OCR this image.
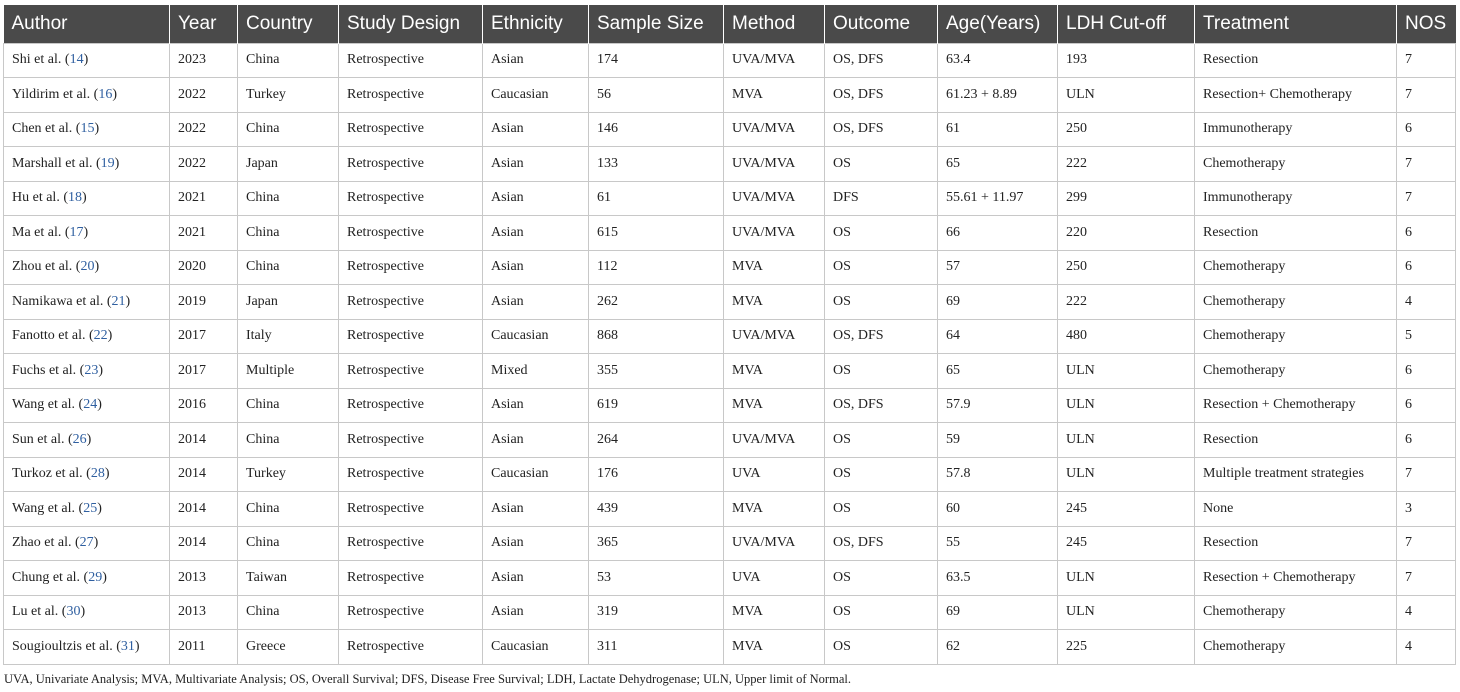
Author	Year	Country	Study Design	Ethnicity	Sample Size	Method	Outcome	Age(Years)	LDH Cut-off	Treatment	NOS
Shi et al. (14)	2023	China	Retrospective	Asian	174	UVA/MVA	OS, DFS	63.4	193	Resection	7
Yildirim et al. (16)	2022	Turkey	Retrospective	Caucasian	56	MVA	OS, DFS	61.23 + 8.89	ULN	Resection+ Chemotherapy	7
Chen et al. (15)	2022	China	Retrospective	Asian	146	UVA/MVA	OS, DFS	61	250	Immunotherapy	6
Marshall et al. (19)	2022	Japan	Retrospective	Asian	133	UVA/MVA	OS	65	222	Chemotherapy	7
Hu et al. (18)	2021	China	Retrospective	Asian	61	UVA/MVA	DFS	55.61 + 11.97	299	Immunotherapy	7
Ma et al. (17)	2021	China	Retrospective	Asian	615	UVA/MVA	OS	66	220	Resection	6
Zhou et al. (20)	2020	China	Retrospective	Asian	112	MVA	OS	57	250	Chemotherapy	6
Namikawa et al. (21)	2019	Japan	Retrospective	Asian	262	MVA	OS	69	222	Chemotherapy	4
Fanotto et al. (22)	2017	Italy	Retrospective	Caucasian	868	UVA/MVA	OS, DFS	64	480	Chemotherapy	5
Fuchs et al. (23)	2017	Multiple	Retrospective	Mixed	355	MVA	OS	65	ULN	Chemotherapy	6
Wang et al. (24)	2016	China	Retrospective	Asian	619	MVA	OS, DFS	57.9	ULN	Resection + Chemotherapy	6
Sun et al. (26)	2014	China	Retrospective	Asian	264	UVA/MVA	OS	59	ULN	Resection	6
Turkoz et al. (28)	2014	Turkey	Retrospective	Caucasian	176	UVA	OS	57.8	ULN	Multiple treatment strategies	7
Wang et al. (25)	2014	China	Retrospective	Asian	439	MVA	OS	60	245	None	3
Zhao et al. (27)	2014	China	Retrospective	Asian	365	UVA/MVA	OS, DFS	55	245	Resection	7
Chung et al. (29)	2013	Taiwan	Retrospective	Asian	53	UVA	OS	63.5	ULN	Resection + Chemotherapy	7
Lu et al. (30)	2013	China	Retrospective	Asian	319	MVA	OS	69	ULN	Chemotherapy	4
Sougioultzis et al. (31)	2011	Greece	Retrospective	Caucasian	311	MVA	OS	62	225	Chemotherapy	4
UVA, Univariate Analysis; MVA, Multivariate Analysis; OS, Overall Survival; DFS, Disease Free Survival; LDH, Lactate Dehydrogenase; ULN, Upper limit of Normal.
